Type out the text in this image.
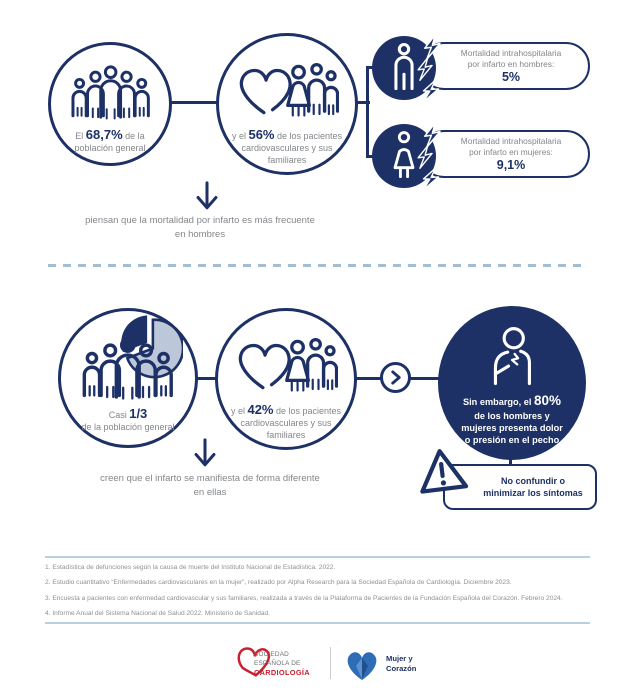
El 68,7% de la población general
y el 56% de los pacientes cardiovasculares y sus familiares
Mortalidad intrahospitalaria
por infarto en hombres:
5%
Mortalidad intrahospitalaria
por infarto en mujeres:
9,1%
piensan que la mortalidad por infarto es más frecuente en hombres
Casi 1/3
de la población general
y el 42% de los pacientes cardiovasculares y sus familiares
Sin embargo, el 80%
de los hombres y
mujeres presenta dolor
o presión en el pecho
No confundir o
minimizar los síntomas
creen que el infarto se manifiesta de forma diferente en ellas

1. Estadística de defunciones según la causa de muerte del Instituto Nacional de Estadística. 2022.

2. Estudio cuantitativo “Enfermedades cardiovasculares en la mujer”, realizado por Alpha Research para la Sociedad Española de Cardiología. Diciembre 2023.

3. Encuesta a pacientes con enfermedad cardiovascular y sus familiares, realizada a través de la Plataforma de Pacientes de la Fundación Española del Corazón. Febrero 2024.

4. Informe Anual del Sistema Nacional de Salud 2022. Ministerio de Sanidad.

SOCIEDAD
ESPAÑOLA DE
CARDIOLOGÍA
Mujer y
Corazón
